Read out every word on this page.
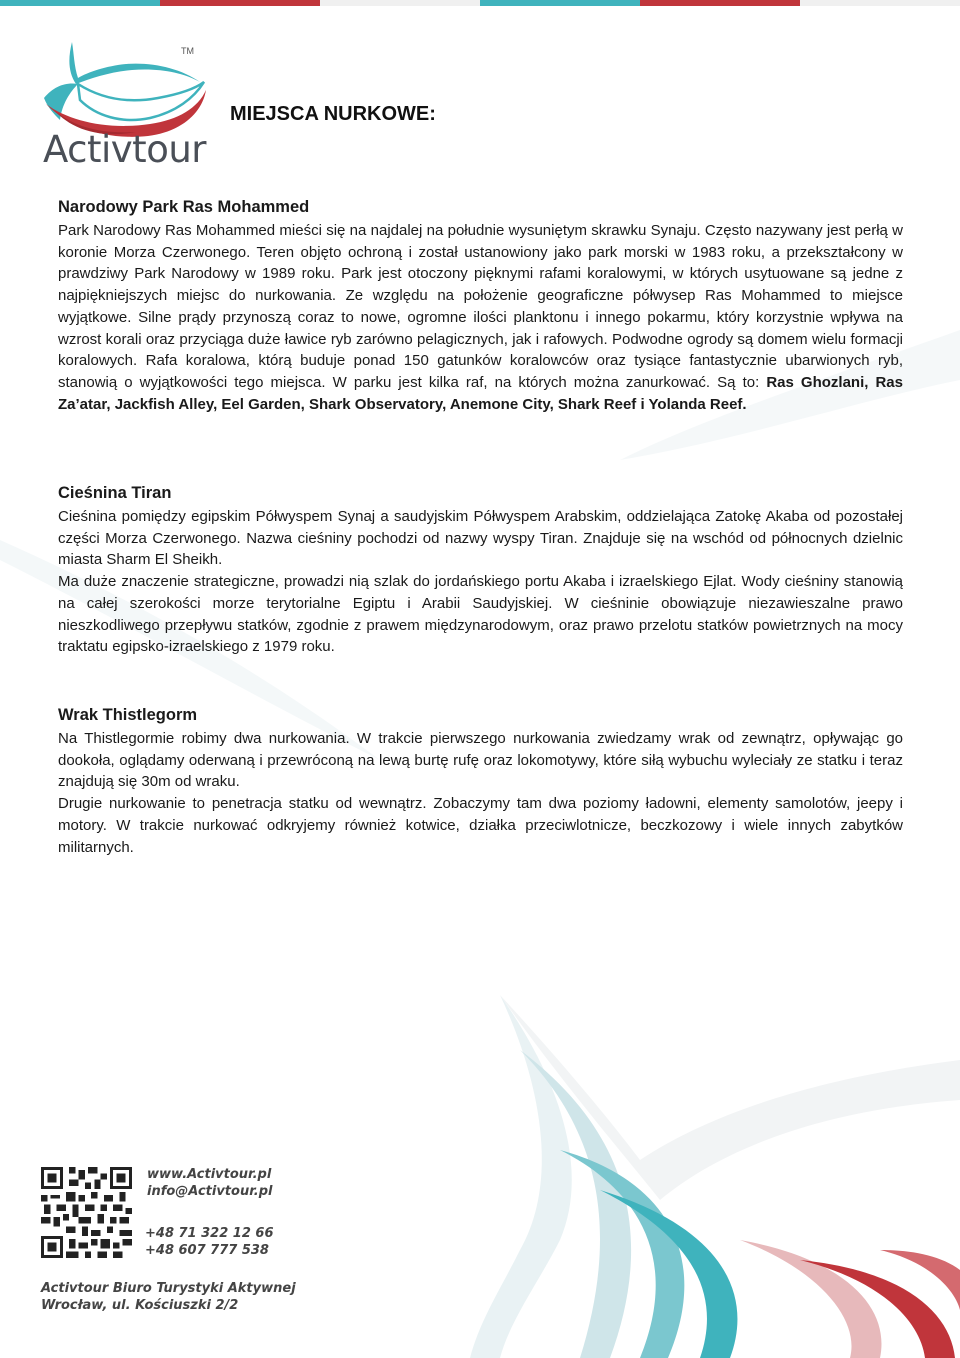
Activtour

TM
MIEJSCA NURKOWE:
Narodowy Park Ras Mohammed

Park Narodowy Ras Mohammed mieści się na najdalej na południe wysuniętym skrawku Synaju. Często nazywany jest perłą w koronie Morza Czerwonego. Teren objęto ochroną i został ustanowiony jako park morski w 1983 roku, a przekształcony w prawdziwy Park Narodowy w 1989 roku. Park jest otoczony pięknymi rafami koralowymi, w których usytuowane są jedne z najpiękniejszych miejsc do nurkowania. Ze względu na położenie geograficzne półwysep Ras Mohammed to miejsce wyjątkowe. Silne prądy przynoszą coraz to nowe, ogromne ilości planktonu i innego pokarmu, który korzystnie wpływa na wzrost korali oraz przyciąga duże ławice ryb zarówno pelagicznych, jak i rafowych. Podwodne ogrody są domem wielu formacji koralowych. Rafa koralowa, którą buduje ponad 150 gatunków koralowców oraz tysiące fantastycznie ubarwionych ryb, stanowią o wyjątkowości tego miejsca. W parku jest kilka raf, na których można zanurkować. Są to: Ras Ghozlani, Ras Za’atar, Jackfish Alley, Eel Garden, Shark Observatory, Anemone City, Shark Reef i Yolanda Reef.

Cieśnina Tiran

Cieśnina pomiędzy egipskim Półwyspem Synaj a saudyjskim Półwyspem Arabskim, oddzielająca Zatokę Akaba od pozostałej części Morza Czerwonego. Nazwa cieśniny pochodzi od nazwy wyspy Tiran. Znajduje się na wschód od północnych dzielnic miasta Sharm El Sheikh.

Ma duże znaczenie strategiczne, prowadzi nią szlak do jordańskiego portu Akaba i izraelskiego Ejlat. Wody cieśniny stanowią na całej szerokości morze terytorialne Egiptu i Arabii Saudyjskiej. W cieśninie obowiązuje niezawieszalne prawo nieszkodliwego przepływu statków, zgodnie z prawem międzynarodowym, oraz prawo przelotu statków powietrznych na mocy traktatu egipsko-izraelskiego z 1979 roku.

Wrak Thistlegorm

Na Thistlegormie robimy dwa nurkowania. W trakcie pierwszego nurkowania zwiedzamy wrak od zewnątrz, opływając go dookoła, oglądamy oderwaną i przewróconą na lewą burtę rufę oraz lokomotywy, które siłą wybuchu wyleciały ze statku i teraz znajdują się 30m od wraku.

Drugie nurkowanie to penetracja statku od wewnątrz. Zobaczymy tam dwa poziomy ładowni, elementy samolotów, jeepy i motory. W trakcie nurkować odkryjemy również kotwice, działka przeciwlotnicze, beczkozowy i wiele innych zabytków militarnych.

www.Activtour.pl

info@Activtour.pl

+48 71 322 12 66

+48 607 777 538

Activtour Biuro Turystyki Aktywnej

Wrocław, ul. Kościuszki 2/2
